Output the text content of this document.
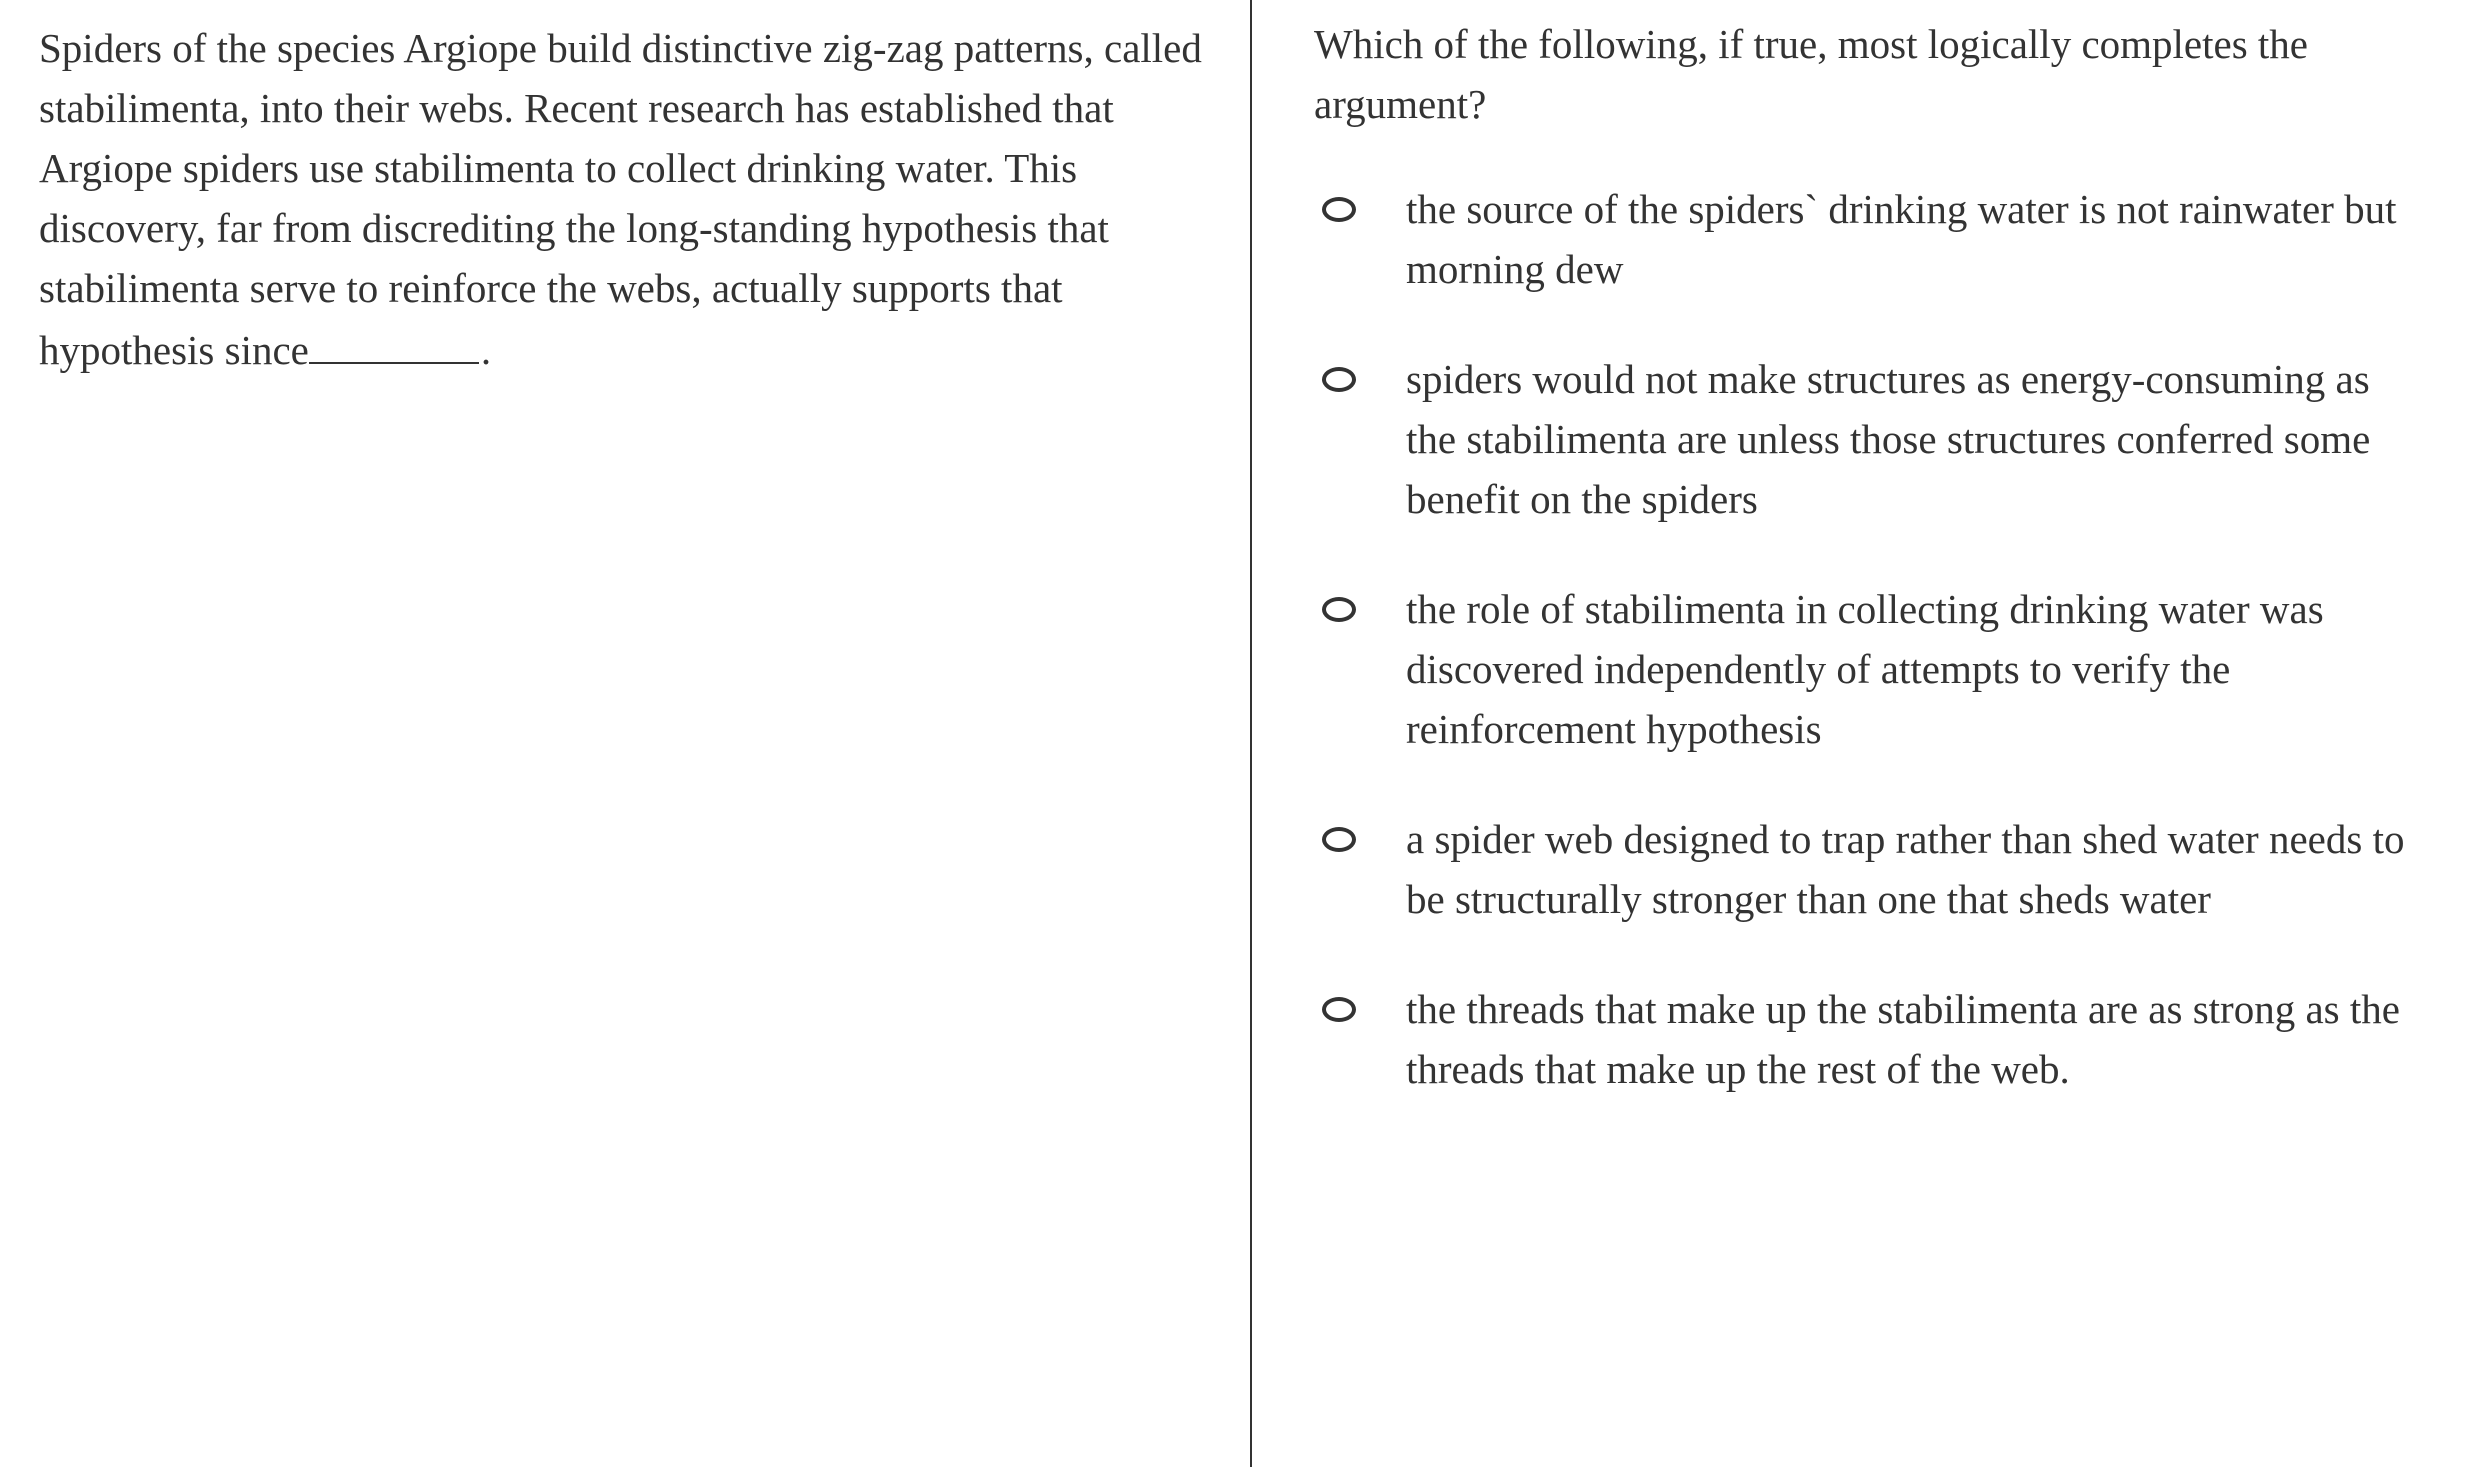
Spiders of the species Argiope build distinctive zig-zag patterns, called stabilimenta, into their webs. Recent research has established that Argiope spiders use stabilimenta to collect drinking water. This discovery, far from discrediting the long-standing hypothesis that stabilimenta serve to reinforce the webs, actually supports that hypothesis since	.

Which of the following, if true, most logically completes the argument?

the source of the spiders` drinking water is not rainwater but morning dew
spiders would not make structures as energy-consuming as the stabilimenta are unless those structures conferred some benefit on the spiders
the role of stabilimenta in collecting drinking water was discovered independently of attempts to verify the reinforcement hypothesis
a spider web designed to trap rather than shed water needs to be structurally stronger than one that sheds water
the threads that make up the stabilimenta are as strong as the threads that make up the rest of the web.
